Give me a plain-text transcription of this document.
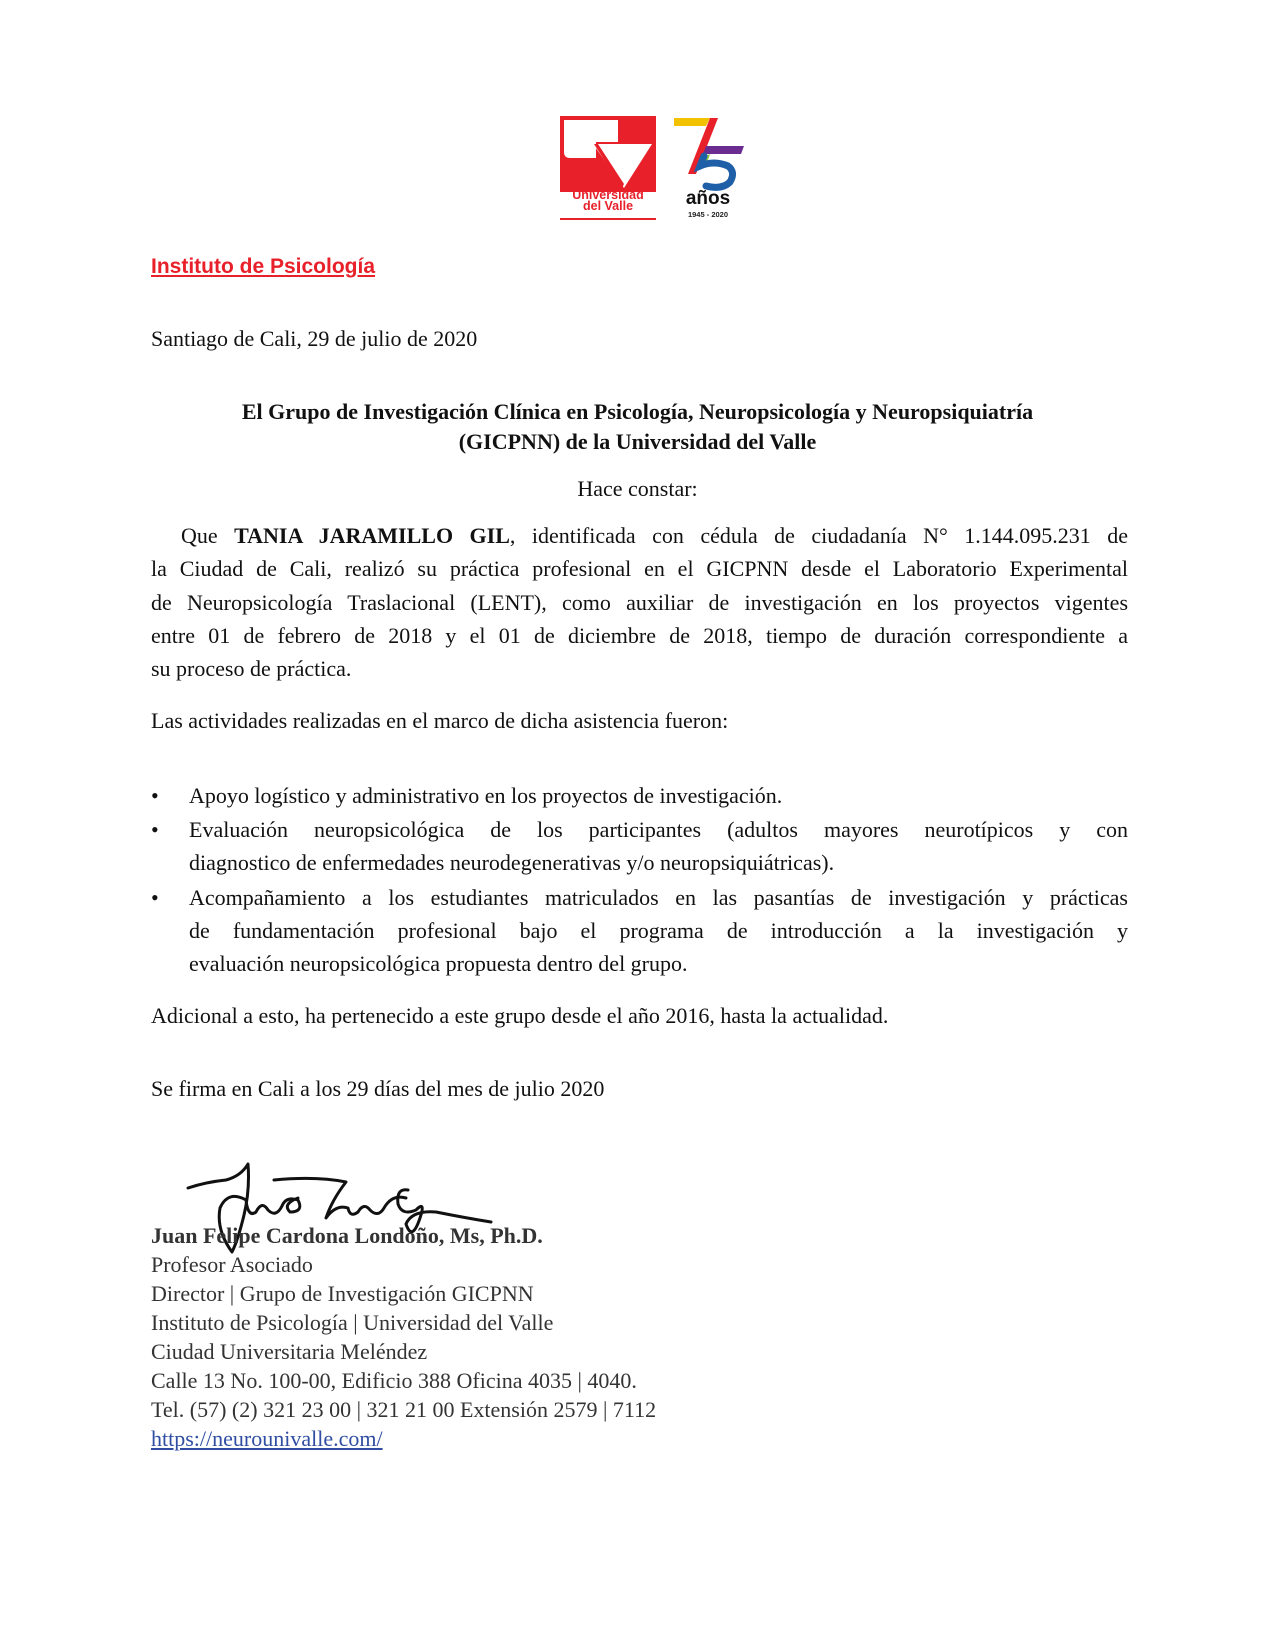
Universidad
del Valle	años
1945 - 2020
Instituto de Psicología
Santiago de Cali, 29 de julio de 2020
El Grupo de Investigación Clínica en Psicología, Neuropsicología y Neuropsiquiatría
(GICPNN) de la Universidad del Valle
Hace constar:
Que TANIA JARAMILLO GIL, identificada con cédula de ciudadanía N° 1.144.095.231 de
la Ciudad de Cali, realizó su práctica profesional en el GICPNN desde el Laboratorio Experimental
de Neuropsicología Traslacional (LENT), como auxiliar de investigación en los proyectos vigentes
entre 01 de febrero de 2018 y el 01 de diciembre de 2018, tiempo de duración correspondiente a
su proceso de práctica.
Las actividades realizadas en el marco de dicha asistencia fueron:
• Apoyo logístico y administrativo en los proyectos de investigación.
• Evaluación neuropsicológica de los participantes (adultos mayores neurotípicos y con
diagnostico de enfermedades neurodegenerativas y/o neuropsiquiátricas).
• Acompañamiento a los estudiantes matriculados en las pasantías de investigación y prácticas
de fundamentación profesional bajo el programa de introducción a la investigación y
evaluación neuropsicológica propuesta dentro del grupo.
Adicional a esto, ha pertenecido a este grupo desde el año 2016, hasta la actualidad.
Se firma en Cali a los 29 días del mes de julio 2020
Juan Felipe Cardona Londoño, Ms, Ph.D.
Profesor Asociado
Director | Grupo de Investigación GICPNN
Instituto de Psicología | Universidad del Valle
Ciudad Universitaria Meléndez
Calle 13 No. 100-00, Edificio 388 Oficina 4035 | 4040.
Tel. (57) (2) 321 23 00 | 321 21 00 Extensión 2579 | 7112
https://neurounivalle.com/
